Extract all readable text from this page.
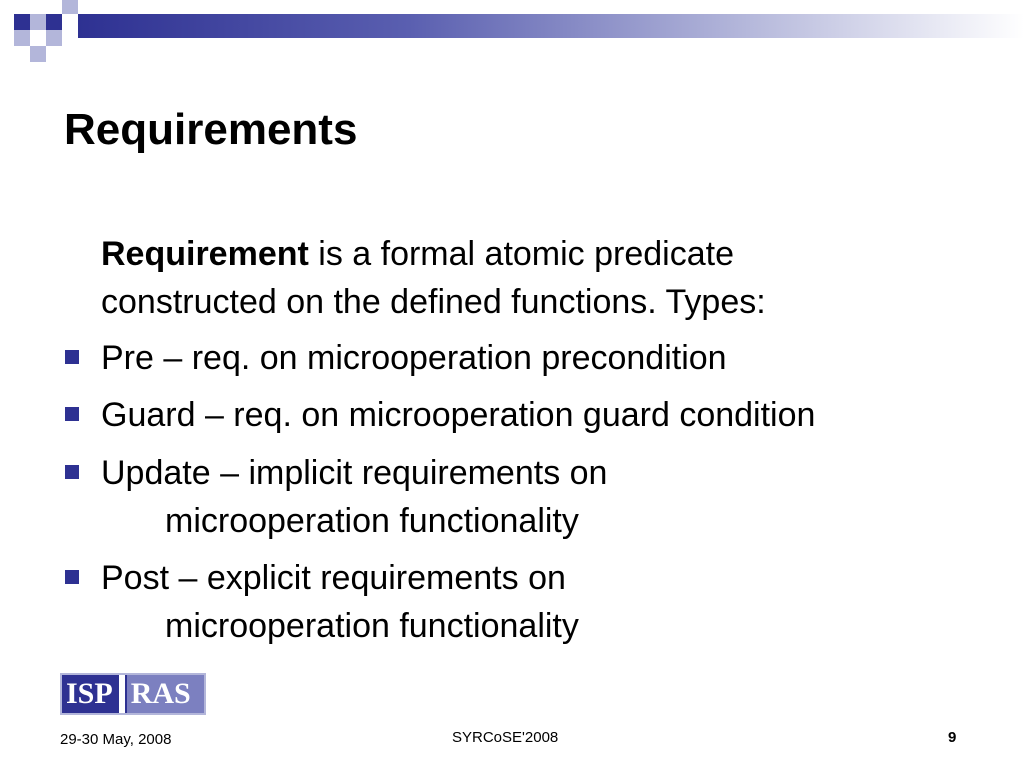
Requirements
Requirement is a formal atomic predicate
constructed on the defined functions. Types:
Pre – req. on microoperation precondition
Guard – req. on microoperation guard condition
Update – implicit requirements on
microoperation functionality
Post – explicit requirements on
microoperation functionality
ISP RAS
29-30 May, 2008	SYRCoSE'2008	9
